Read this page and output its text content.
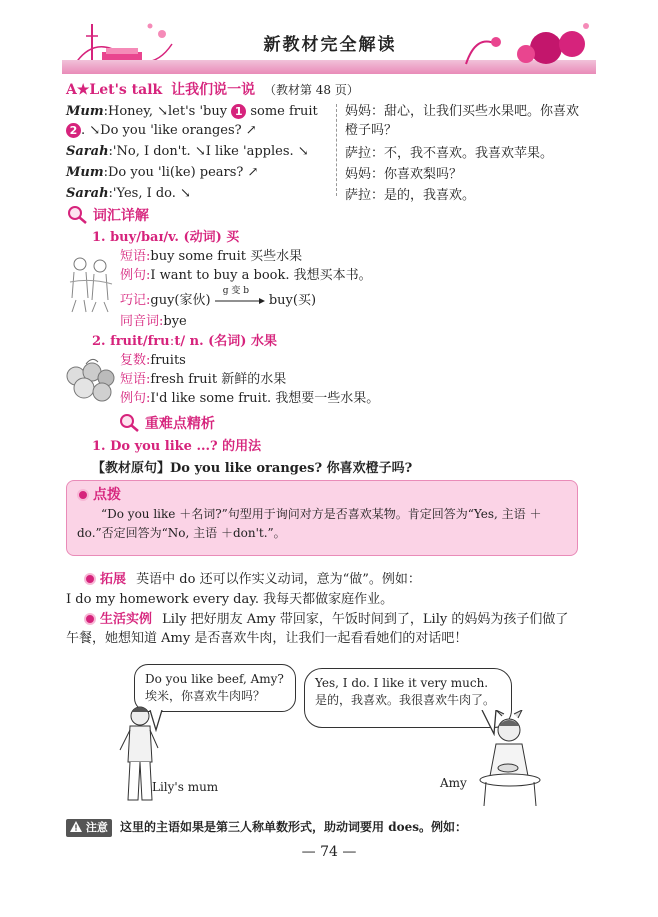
新教材完全解读
A★Let's talk 让我们说一说 （教材第 48 页）
Mum:Honey, ↘let's 'buy 1 some fruit
2 . ↘Do you 'like oranges? ↗
Sarah:'No, I don't. ↘I like 'apples. ↘
Mum:Do you 'li(ke) pears? ↗
Sarah:'Yes, I do. ↘
妈妈：甜心，让我们买些水果吧。你喜欢橙子吗？
萨拉：不，我不喜欢。我喜欢苹果。
妈妈：你喜欢梨吗？
萨拉：是的，我喜欢。
词汇详解
1. buy/baɪ/v. (动词) 买
短语:buy some fruit 买些水果
例句:I want to buy a book. 我想买本书。
巧记:guy(家伙)
g 变 b
buy(买)
同音词:bye
2. fruit/fruːt/ n. (名词) 水果
复数:fruits
短语:fresh fruit 新鲜的水果
例句:I'd like some fruit. 我想要一些水果。
重难点精析
1. Do you like ...? 的用法
【教材原句】Do you like oranges? 你喜欢橙子吗?
点拨
“Do you like ＋名词?”句型用于询问对方是否喜欢某物。肯定回答为“Yes, 主语 ＋do.”否定回答为“No, 主语 ＋don't.”。
拓展 英语中 do 还可以作实义动词，意为“做”。例如：
I do my homework every day. 我每天都做家庭作业。
生活实例 Lily 把好朋友 Amy 带回家，午饭时间到了，Lily 的妈妈为孩子们做了午餐，她想知道 Amy 是否喜欢牛肉，让我们一起看看她们的对话吧！
Do you like beef, Amy?
埃米，你喜欢牛肉吗？
Yes, I do. I like it very much.
是的，我喜欢。我很喜欢牛肉了。
Lily's mum	Amy
注意 这里的主语如果是第三人称单数形式，助动词要用 does。例如：
— 74 —
